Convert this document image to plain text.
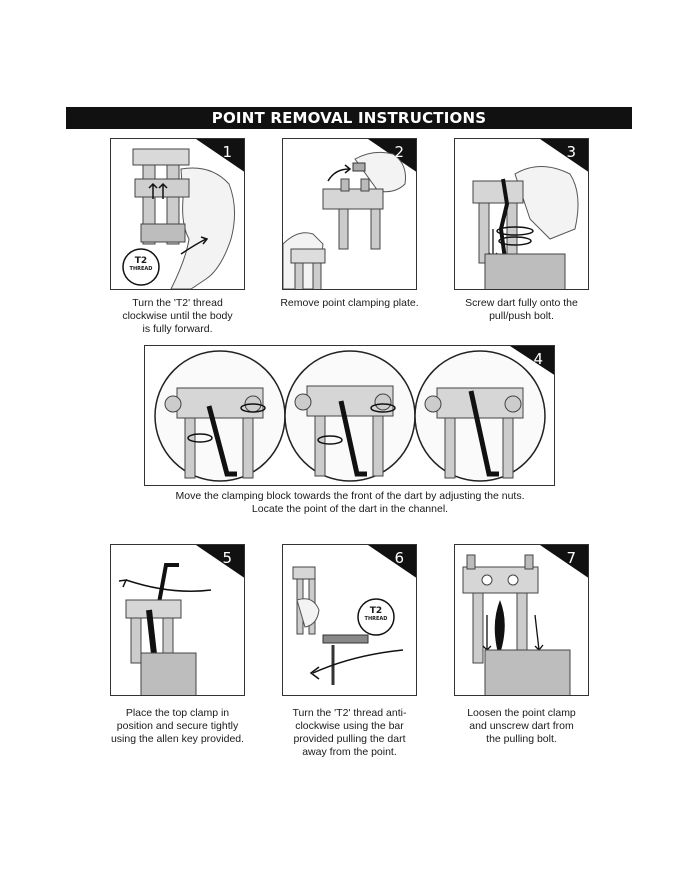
POINT REMOVAL INSTRUCTIONS
1
T2
THREAD
Turn the 'T2' thread
clockwise until the body
is fully forward.
2
Remove point clamping plate.
3
Screw dart fully onto the
pull/push bolt.
4
Move the clamping block towards the front of the dart by adjusting the nuts.
Locate the point of the dart in the channel.
5
Place the top clamp in
position and secure tightly
using the allen key provided.
6
T2
THREAD
Turn the 'T2' thread anti-
clockwise using the bar
provided pulling the dart
away from the point.
7
Loosen the point clamp
and unscrew dart from
the pulling bolt.
